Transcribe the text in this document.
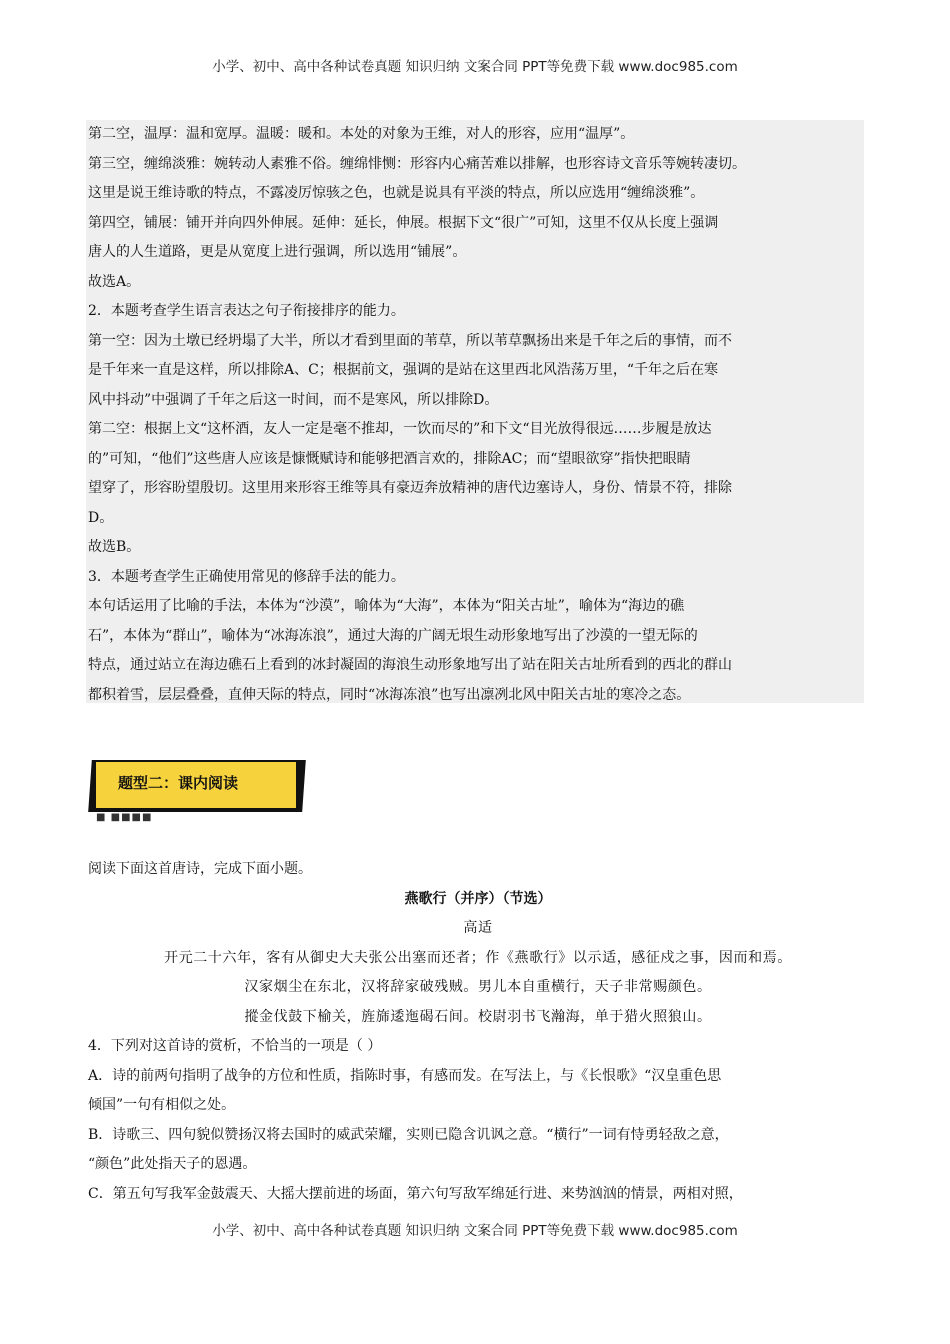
小学、初中、高中各种试卷真题 知识归纳 文案合同 PPT等免费下载 www.doc985.com

第二空，温厚：温和宽厚。温暖：暖和。本处的对象为王维，对人的形容，应用“温厚”。

第三空，缠绵淡雅：婉转动人素雅不俗。缠绵悱恻：形容内心痛苦难以排解，也形容诗文音乐等婉转凄切。

这里是说王维诗歌的特点，不露凌厉惊骇之色，也就是说具有平淡的特点，所以应选用“缠绵淡雅”。

第四空，铺展：铺开并向四外伸展。延伸：延长，伸展。根据下文“很广”可知，这里不仅从长度上强调

唐人的人生道路，更是从宽度上进行强调，所以选用“铺展”。

故选A。

2．本题考查学生语言表达之句子衔接排序的能力。

第一空：因为土墩已经坍塌了大半，所以才看到里面的苇草，所以苇草飘扬出来是千年之后的事情，而不

是千年来一直是这样，所以排除A、C；根据前文，强调的是站在这里西北风浩荡万里，“千年之后在寒

风中抖动”中强调了千年之后这一时间，而不是寒风，所以排除D。

第二空：根据上文“这杯酒，友人一定是毫不推却，一饮而尽的”和下文“目光放得很远……步履是放达

的”可知，“他们”这些唐人应该是慷慨赋诗和能够把酒言欢的，排除AC；而“望眼欲穿”指快把眼睛

望穿了，形容盼望殷切。这里用来形容王维等具有豪迈奔放精神的唐代边塞诗人，身份、情景不符，排除

D。

故选B。

3．本题考查学生正确使用常见的修辞手法的能力。

本句话运用了比喻的手法，本体为“沙漠”，喻体为“大海”，本体为“阳关古址”，喻体为“海边的礁

石”，本体为“群山”，喻体为“冰海冻浪”，通过大海的广阔无垠生动形象地写出了沙漠的一望无际的

特点，通过站立在海边礁石上看到的冰封凝固的海浪生动形象地写出了站在阳关古址所看到的西北的群山

都积着雪，层层叠叠，直伸天际的特点，同时“冰海冻浪”也写出凛冽北风中阳关古址的寒冷之态。

题型二：课内阅读
■ ■■■■

阅读下面这首唐诗，完成下面小题。

燕歌行（并序）（节选）

高适

开元二十六年，客有从御史大夫张公出塞而还者；作《燕歌行》以示适，感征戍之事，因而和焉。

汉家烟尘在东北，汉将辞家破残贼。男儿本自重横行，天子非常赐颜色。

摐金伐鼓下榆关，旌旆逶迤碣石间。校尉羽书飞瀚海，单于猎火照狼山。

4．下列对这首诗的赏析，不恰当的一项是（ ）

A．诗的前两句指明了战争的方位和性质，指陈时事，有感而发。在写法上，与《长恨歌》“汉皇重色思

倾国”一句有相似之处。

B．诗歌三、四句貌似赞扬汉将去国时的威武荣耀，实则已隐含讥讽之意。“横行”一词有恃勇轻敌之意，

“颜色”此处指天子的恩遇。

C．第五句写我军金鼓震天、大摇大摆前进的场面，第六句写敌军绵延行进、来势汹汹的情景，两相对照，

小学、初中、高中各种试卷真题 知识归纳 文案合同 PPT等免费下载 www.doc985.com
